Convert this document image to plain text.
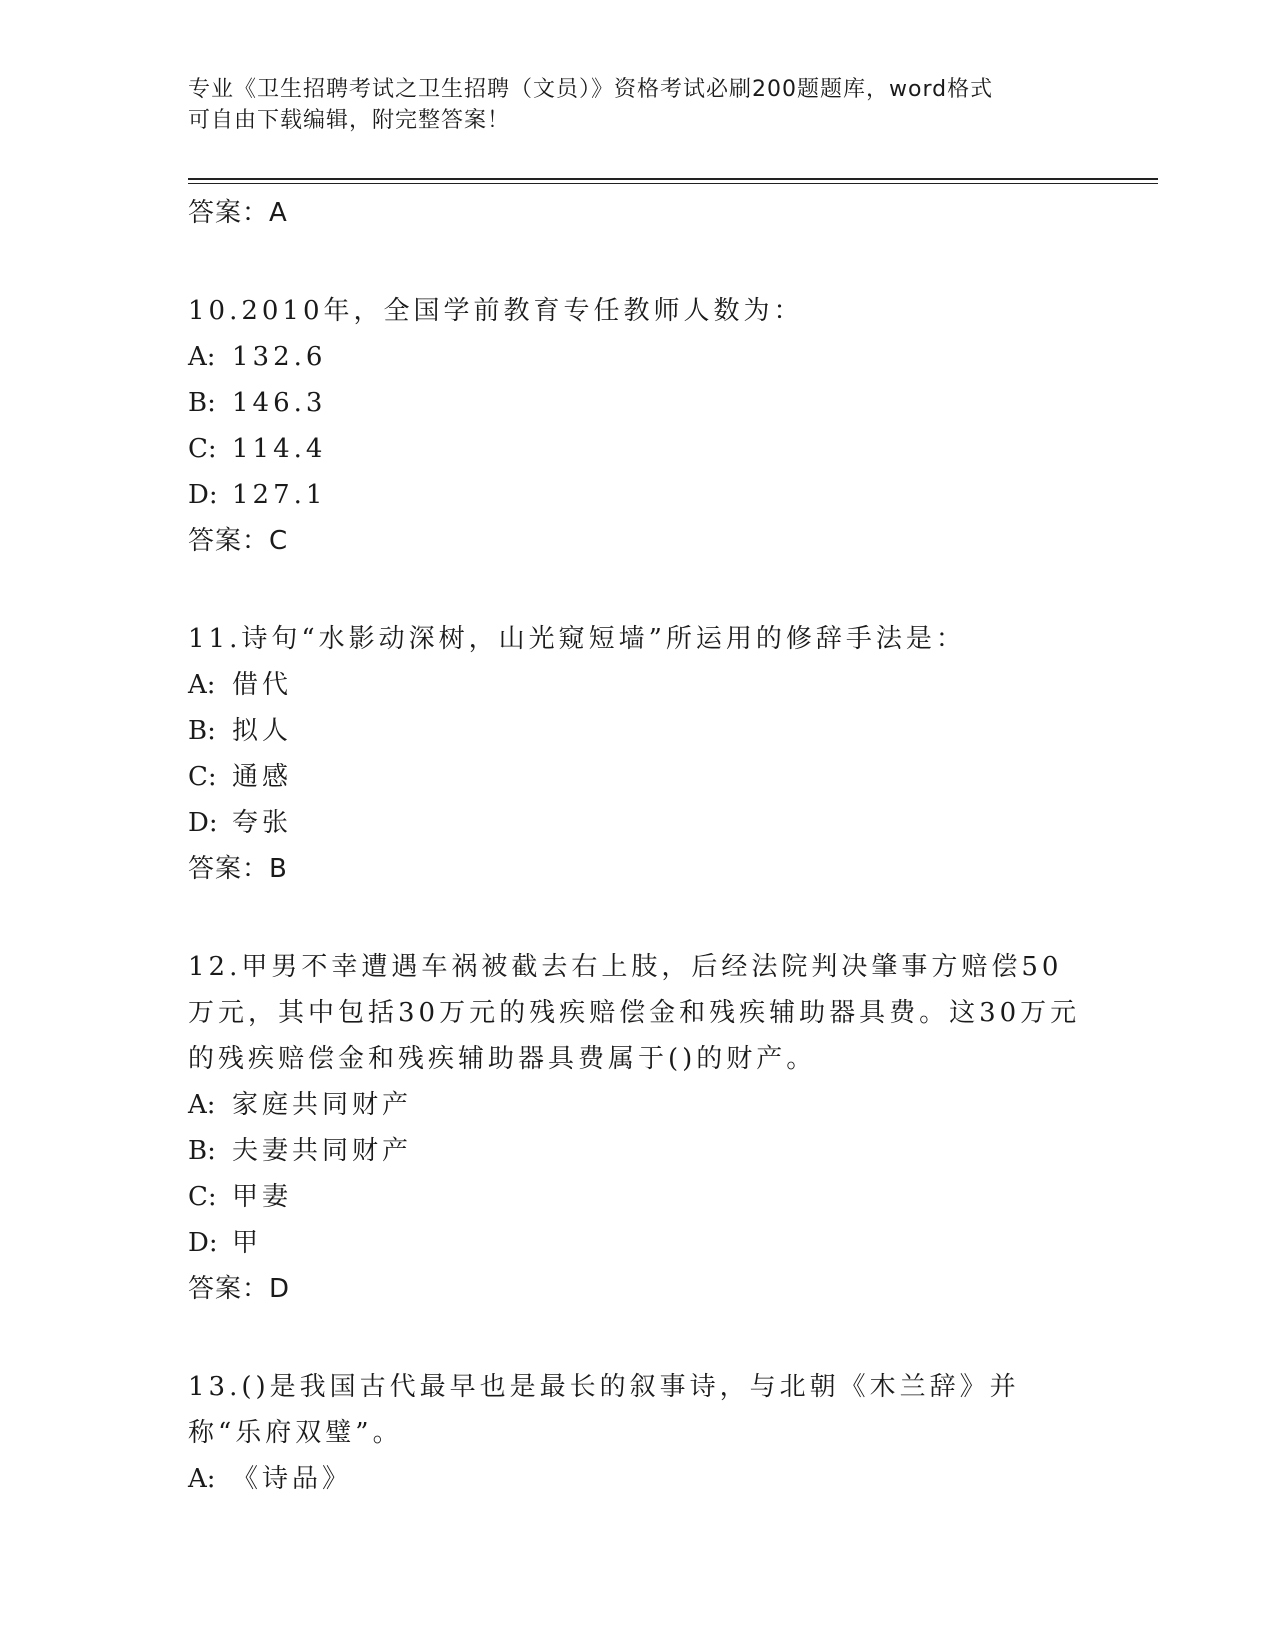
专业《卫生招聘考试之卫生招聘（文员）》资格考试必刷200题题库，word格式
可自由下载编辑，附完整答案！
答案：A
10.2010年，全国学前教育专任教师人数为：
A: 132.6
B: 146.3
C: 114.4
D: 127.1
答案：C
11.诗句“水影动深树，山光窥短墙”所运用的修辞手法是：
A: 借代
B: 拟人
C: 通感
D: 夸张
答案：B
12.甲男不幸遭遇车祸被截去右上肢，后经法院判决肇事方赔偿50万元，其中包括30万元的残疾赔偿金和残疾辅助器具费。这30万元的残疾赔偿金和残疾辅助器具费属于()的财产。
A: 家庭共同财产
B: 夫妻共同财产
C: 甲妻
D: 甲
答案：D
13.()是我国古代最早也是最长的叙事诗，与北朝《木兰辞》并称“乐府双璧”。
A: 《诗品》
